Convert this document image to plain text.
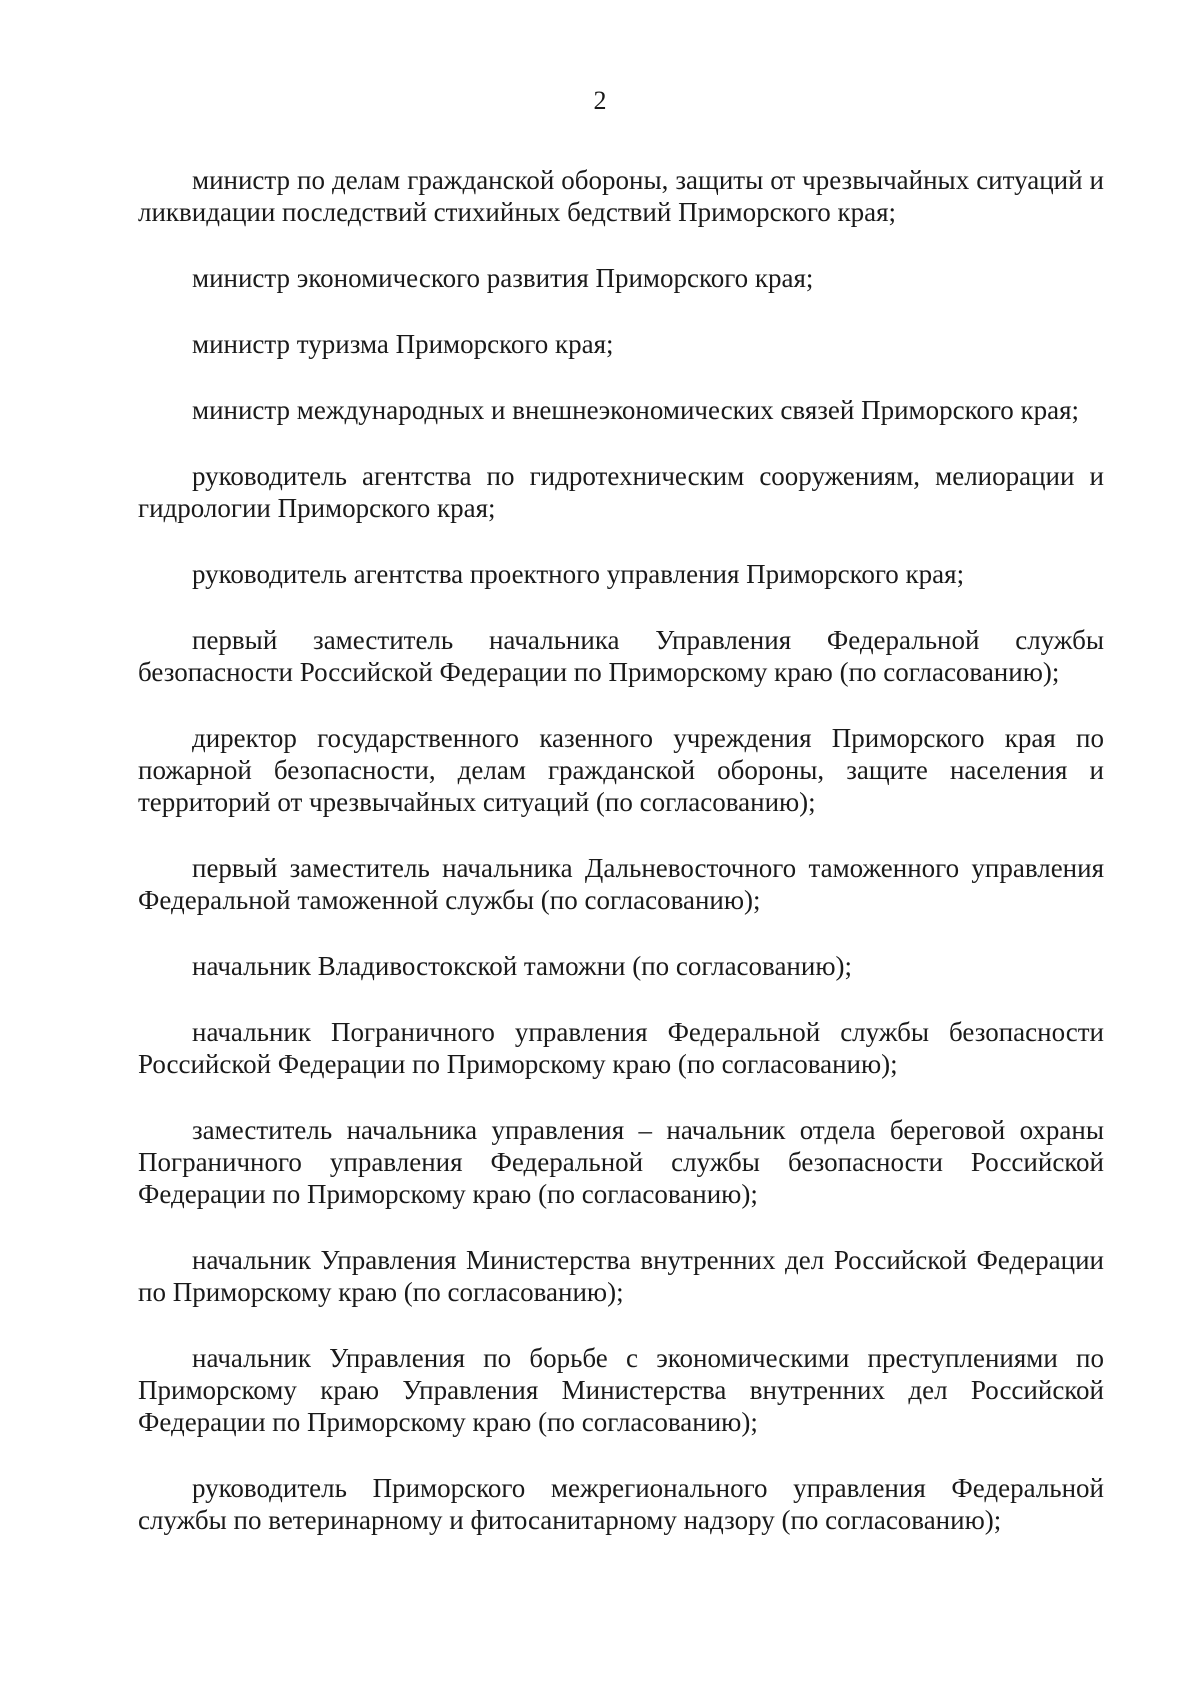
2

министр по делам гражданской обороны, защиты от чрезвычайных ситуаций и ликвидации последствий стихийных бедствий Приморского края;

министр экономического развития Приморского края;

министр туризма Приморского края;

министр международных и внешнеэкономических связей Приморского края;

руководитель агентства по гидротехническим сооружениям, мелиорации и гидрологии Приморского края;

руководитель агентства проектного управления Приморского края;

первый заместитель начальника Управления Федеральной службы безопасности Российской Федерации по Приморскому краю (по согласованию);

директор государственного казенного учреждения Приморского края по пожарной безопасности, делам гражданской обороны, защите населения и территорий от чрезвычайных ситуаций (по согласованию);

первый заместитель начальника Дальневосточного таможенного управления Федеральной таможенной службы (по согласованию);

начальник Владивостокской таможни (по согласованию);

начальник Пограничного управления Федеральной службы безопасности Российской Федерации по Приморскому краю (по согласованию);

заместитель начальника управления – начальник отдела береговой охраны Пограничного управления Федеральной службы безопасности Российской Федерации по Приморскому краю (по согласованию);

начальник Управления Министерства внутренних дел Российской Федерации по Приморскому краю (по согласованию);

начальник Управления по борьбе с экономическими преступлениями по Приморскому краю Управления Министерства внутренних дел Российской Федерации по Приморскому краю (по согласованию);

руководитель Приморского межрегионального управления Федеральной службы по ветеринарному и фитосанитарному надзору (по согласованию);
